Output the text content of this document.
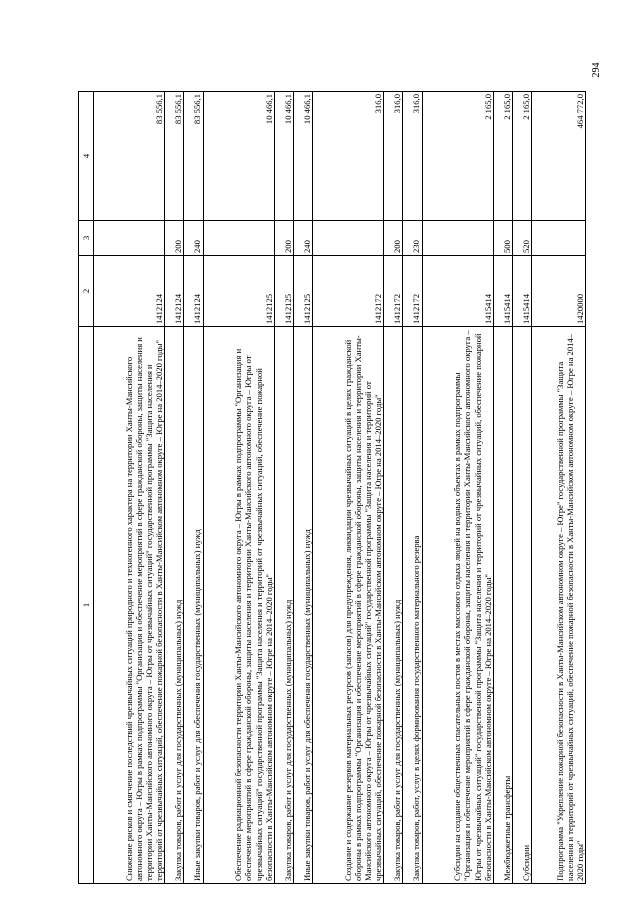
294
1	2	3	4
Снижение рисков и смягчение последствий чрезвычайных ситуаций природного и техногенного характера на территории Ханты-Мансийского автономного округа – Югры в рамках подпрограммы "Организация и обеспечение мероприятий в сфере гражданской обороны, защиты населения и территории Ханты-Мансийского автономного округа – Югры от чрезвычайных ситуаций" государственной программы "Защита населения и территорий от чрезвычайных ситуаций, обеспечение пожарной безопасности в Ханты-Мансийском автономном округе – Югре на 2014–2020 годы"	1412124		83 556,1
Закупка товаров, работ и услуг для государственных (муниципальных) нужд	1412124	200	83 556,1
Иные закупки товаров, работ и услуг для обеспечения государственных (муниципальных) нужд	1412124	240	83 556,1
Обеспечение радиационной безопасности территории Ханты-Мансийского автономного округа – Югры в рамках подпрограммы "Организация и обеспечение мероприятий в сфере гражданской обороны, защиты населения и территории Ханты-Мансийского автономного округа – Югры от чрезвычайных ситуаций" государственной программы "Защита населения и территорий от чрезвычайных ситуаций, обеспечение пожарной безопасности в Ханты-Мансийском автономном округе – Югре на 2014–2020 годы"	1412125		10 466,1
Закупка товаров, работ и услуг для государственных (муниципальных) нужд	1412125	200	10 466,1
Иные закупки товаров, работ и услуг для обеспечения государственных (муниципальных) нужд	1412125	240	10 466,1
Создание и содержание резервов материальных ресурсов (запасов) для предупреждения, ликвидации чрезвычайных ситуаций в целях гражданской обороны в рамках подпрограммы "Организация и обеспечение мероприятий в сфере гражданской обороны, защиты населения и территории Ханты-Мансийского автономного округа – Югры от чрезвычайных ситуаций" государственной программы "Защита населения и территорий от чрезвычайных ситуаций, обеспечение пожарной безопасности в Ханты-Мансийском автономном округе – Югре на 2014–2020 годы"	1412172		316,0
Закупка товаров, работ и услуг для государственных (муниципальных) нужд	1412172	200	316,0
Закупка товаров, работ, услуг в целях формирования государственного материального резерва	1412172	230	316,0
Субсидии на создание общественных спасательных постов в местах массового отдыха людей на водных объектах в рамках подпрограммы "Организация и обеспечение мероприятий в сфере гражданской обороны, защиты населения и территории Ханты-Мансийского автономного округа – Югры от чрезвычайных ситуаций" государственной программы "Защита населения и территорий от чрезвычайных ситуаций, обеспечение пожарной безопасности в Ханты-Мансийском автономном округе – Югре на 2014–2020 годы"	1415414		2 165,0
Межбюджетные трансферты	1415414	500	2 165,0
Субсидии	1415414	520	2 165,0
Подпрограмма "Укрепление пожарной безопасности в Ханты-Мансийском автономном округе – Югре" государственной программы "Защита населения и территорий от чрезвычайных ситуаций, обеспечение пожарной безопасности в Ханты-Мансийском автономном округе – Югре на 2014–2020 годы"	1420000		464 772,0
